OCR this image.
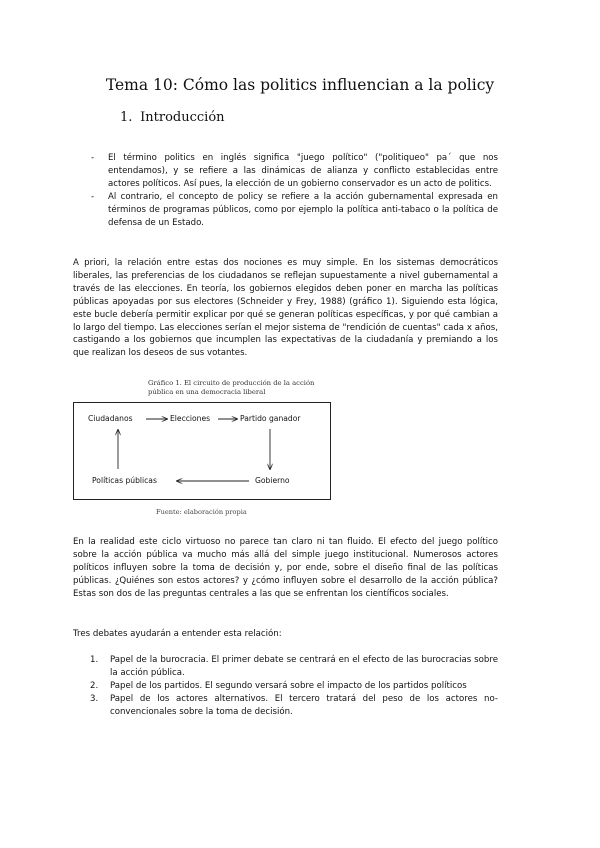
Tema 10: Cómo las politics influencian a la policy
1. Introducción
- El término politics en inglés significa "juego político" ("politiqueo" pa´ que nos entendamos), y se refiere a las dinámicas de alianza y conflicto establecidas entre actores políticos. Así pues, la elección de un gobierno conservador es un acto de politics.
- Al contrario, el concepto de policy se refiere a la acción gubernamental expresada en términos de programas públicos, como por ejemplo la política anti-tabaco o la política de defensa de un Estado.
A priori, la relación entre estas dos nociones es muy simple. En los sistemas democráticos liberales, las preferencias de los ciudadanos se reflejan supuestamente a nivel gubernamental a través de las elecciones. En teoría, los gobiernos elegidos deben poner en marcha las políticas públicas apoyadas por sus electores (Schneider y Frey, 1988) (gráfico 1). Siguiendo esta lógica, este bucle debería permitir explicar por qué se generan políticas específicas, y por qué cambian a lo largo del tiempo. Las elecciones serían el mejor sistema de "rendición de cuentas" cada x años, castigando a los gobiernos que incumplen las expectativas de la ciudadanía y premiando a los que realizan los deseos de sus votantes.
Gráfico 1. El circuito de producción de la acción pública en una democracia liberal
Ciudadanos	Elecciones	Partido ganador
Políticas públicas	Gobierno
Fuente: elaboración propia
En la realidad este ciclo virtuoso no parece tan claro ni tan fluido. El efecto del juego político sobre la acción pública va mucho más allá del simple juego institucional. Numerosos actores políticos influyen sobre la toma de decisión y, por ende, sobre el diseño final de las políticas públicas. ¿Quiénes son estos actores? y ¿cómo influyen sobre el desarrollo de la acción pública? Estas son dos de las preguntas centrales a las que se enfrentan los científicos sociales.
Tres debates ayudarán a entender esta relación:
1. Papel de la burocracia. El primer debate se centrará en el efecto de las burocracias sobre la acción pública.
2. Papel de los partidos. El segundo versará sobre el impacto de los partidos políticos
3. Papel de los actores alternativos. El tercero tratará del peso de los actores no-convencionales sobre la toma de decisión.
